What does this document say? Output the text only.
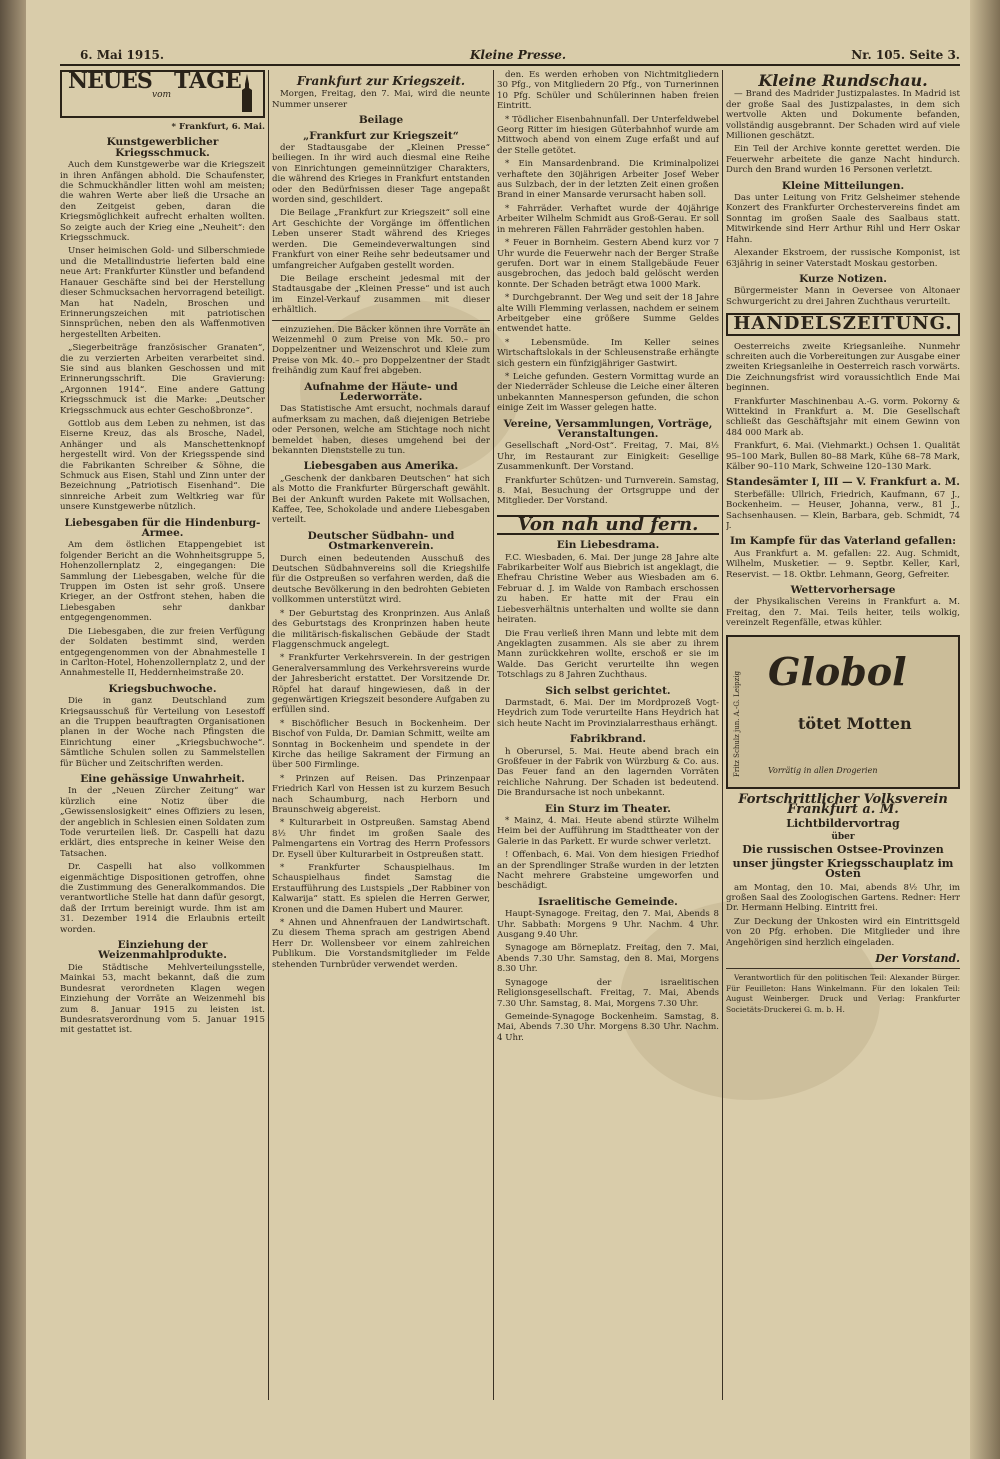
6. Mai 1915.	Kleine Presse.	Nr. 105. Seite 3.
NEUES
vom
TAGE

* Frankfurt, 6. Mai.

Kunstgewerblicher Kriegsschmuck.

Auch dem Kunstgewerbe war die Kriegszeit in ihren Anfängen abhold. Die Schaufenster, die Schmuckhändler litten wohl am meisten; die wahren Werte aber ließ die Ursache an den Zeitgeist geben, daran die Kriegsmöglichkeit aufrecht erhalten wollten. So zeigte auch der Krieg eine „Neuheit“: den Kriegsschmuck.

Unser heimischen Gold- und Silberschmiede und die Metallindustrie lieferten bald eine neue Art: Frankfurter Künstler und befandend Hanauer Geschäfte sind bei der Herstellung dieser Schmucksachen hervorragend beteiligt. Man hat Nadeln, Broschen und Erinnerungszeichen mit patriotischen Sinnsprüchen, neben den als Waffenmotiven hergestellten Arbeiten.

„Siegerbeiträge französischer Granaten“, die zu verzierten Arbeiten verarbeitet sind. Sie sind aus blanken Geschossen und mit Erinnerungsschrift. Die Gravierung: „Argonnen 1914“. Eine andere Gattung Kriegsschmuck ist die Marke: „Deutscher Kriegsschmuck aus echter Geschoßbronze“.

Gottlob aus dem Leben zu nehmen, ist das Eiserne Kreuz, das als Brosche, Nadel, Anhänger und als Manschettenknopf hergestellt wird. Von der Kriegsspende sind die Fabrikanten Schreiber & Söhne, die Schmuck aus Eisen, Stahl und Zinn unter der Bezeichnung „Patriotisch Eisenhand“. Die sinnreiche Arbeit zum Weltkrieg war für unsere Kunstgewerbe nützlich.

Liebesgaben für die Hindenburg-Armee.

Am dem östlichen Etappengebiet ist folgender Bericht an die Wohnheitsgruppe 5, Hohenzollernplatz 2, eingegangen: Die Sammlung der Liebesgaben, welche für die Truppen im Osten ist sehr groß. Unsere Krieger, an der Ostfront stehen, haben die Liebesgaben sehr dankbar entgegengenommen.

Die Liebesgaben, die zur freien Verfügung der Soldaten bestimmt sind, werden entgegengenommen von der Abnahmestelle I in Carlton-Hotel, Hohenzollernplatz 2, und der Annahmestelle II, Heddernheimstraße 20.

Kriegsbuchwoche.

Die in ganz Deutschland zum Kriegsausschuß für Verteilung von Lesestoff an die Truppen beauftragten Organisationen planen in der Woche nach Pfingsten die Einrichtung einer „Kriegsbuchwoche“. Sämtliche Schulen sollen zu Sammelstellen für Bücher und Zeitschriften werden.

Eine gehässige Unwahrheit.

In der „Neuen Zürcher Zeitung“ war kürzlich eine Notiz über die „Gewissenslosigkeit“ eines Offiziers zu lesen, der angeblich in Schlesien einen Soldaten zum Tode verurteilen ließ. Dr. Caspelli hat dazu erklärt, dies entspreche in keiner Weise den Tatsachen.

Dr. Caspelli hat also vollkommen eigenmächtige Dispositionen getroffen, ohne die Zustimmung des Generalkommandos. Die verantwortliche Stelle hat dann dafür gesorgt, daß der Irrtum bereinigt wurde. Ihm ist am 31. Dezember 1914 die Erlaubnis erteilt worden.

Einziehung der Weizenmahlprodukte.

Die Städtische Mehlverteilungsstelle, Mainkai 53, macht bekannt, daß die zum Bundesrat verordneten Klagen wegen Einziehung der Vorräte an Weizenmehl bis zum 8. Januar 1915 zu leisten ist. Bundesratsverordnung vom 5. Januar 1915 mit gestattet ist.

Frankfurt zur Kriegszeit.

Morgen, Freitag, den 7. Mai, wird die neunte Nummer unserer

Beilage
„Frankfurt zur Kriegszeit“

der Stadtausgabe der „Kleinen Presse“ beiliegen. In ihr wird auch diesmal eine Reihe von Einrichtungen gemeinnütziger Charakters, die während des Krieges in Frankfurt entstanden oder den Bedürfnissen dieser Tage angepaßt worden sind, geschildert.

Die Beilage „Frankfurt zur Kriegszeit“ soll eine Art Geschichte der Vorgänge im öffentlichen Leben unserer Stadt während des Krieges werden. Die Gemeindeverwaltungen sind Frankfurt von einer Reihe sehr bedeutsamer und umfangreicher Aufgaben gestellt worden.

Die Beilage erscheint jedesmal mit der Stadtausgabe der „Kleinen Presse“ und ist auch im Einzel-Verkauf zusammen mit dieser erhältlich.

einzuziehen. Die Bäcker können ihre Vorräte an Weizenmehl 0 zum Preise von Mk. 50.– pro Doppelzentner und Weizenschrot und Kleie zum Preise von Mk. 40.– pro Doppelzentner der Stadt freihändig zum Kauf frei abgeben.

Aufnahme der Häute- und Lederworräte.

Das Statistische Amt ersucht, nochmals darauf aufmerksam zu machen, daß diejenigen Betriebe oder Personen, welche am Stichtage noch nicht bemeldet haben, dieses umgehend bei der bekannten Dienststelle zu tun.

Liebesgaben aus Amerika.

„Geschenk der dankbaren Deutschen“ hat sich als Motto die Frankfurter Bürgerschaft gewählt. Bei der Ankunft wurden Pakete mit Wollsachen, Kaffee, Tee, Schokolade und andere Liebesgaben verteilt.

Deutscher Südbahn- und Ostmarkenverein.

Durch einen bedeutenden Ausschuß des Deutschen Südbahnvereins soll die Kriegshilfe für die Ostpreußen so verfahren werden, daß die deutsche Bevölkerung in den bedrohten Gebieten vollkommen unterstützt wird.

* Der Geburtstag des Kronprinzen. Aus Anlaß des Geburtstags des Kronprinzen haben heute die militärisch-fiskalischen Gebäude der Stadt Flaggenschmuck angelegt.

* Frankfurter Verkehrsverein. In der gestrigen Generalversammlung des Verkehrsvereins wurde der Jahresbericht erstattet. Der Vorsitzende Dr. Röpfel hat darauf hingewiesen, daß in der gegenwärtigen Kriegszeit besondere Aufgaben zu erfüllen sind.

* Bischöflicher Besuch in Bockenheim. Der Bischof von Fulda, Dr. Damian Schmitt, weilte am Sonntag in Bockenheim und spendete in der Kirche das heilige Sakrament der Firmung an über 500 Firmlinge.

* Prinzen auf Reisen. Das Prinzenpaar Friedrich Karl von Hessen ist zu kurzem Besuch nach Schaumburg, nach Herborn und Braunschweig abgereist.

* Kulturarbeit in Ostpreußen. Samstag Abend 8½ Uhr findet im großen Saale des Palmengartens ein Vortrag des Herrn Professors Dr. Eysell über Kulturarbeit in Ostpreußen statt.

* Frankfurter Schauspielhaus. Im Schauspielhaus findet Samstag die Erstaufführung des Lustspiels „Der Rabbiner von Kalwarija“ statt. Es spielen die Herren Gerwer, Kronen und die Damen Hubert und Maurer.

* Ahnen und Ahnenfrauen der Landwirtschaft. Zu diesem Thema sprach am gestrigen Abend Herr Dr. Wollensbeer vor einem zahlreichen Publikum. Die Vorstandsmitglieder im Felde stehenden Turnbrüder verwendet werden.

den. Es werden erhoben von Nichtmitgliedern 30 Pfg., von Mitgliedern 20 Pfg., von Turnerinnen 10 Pfg. Schüler und Schülerinnen haben freien Eintritt.

* Tödlicher Eisenbahnunfall. Der Unterfeldwebel Georg Ritter im hiesigen Güterbahnhof wurde am Mittwoch abend von einem Zuge erfaßt und auf der Stelle getötet.

* Ein Mansardenbrand. Die Kriminalpolizei verhaftete den 30jährigen Arbeiter Josef Weber aus Sulzbach, der in der letzten Zeit einen großen Brand in einer Mansarde verursacht haben soll.

* Fahrräder. Verhaftet wurde der 40jährige Arbeiter Wilhelm Schmidt aus Groß-Gerau. Er soll in mehreren Fällen Fahrräder gestohlen haben.

* Feuer in Bornheim. Gestern Abend kurz vor 7 Uhr wurde die Feuerwehr nach der Berger Straße gerufen. Dort war in einem Stallgebäude Feuer ausgebrochen, das jedoch bald gelöscht werden konnte. Der Schaden beträgt etwa 1000 Mark.

* Durchgebrannt. Der Weg und seit der 18 Jahre alte Willi Flemming verlassen, nachdem er seinem Arbeitgeber eine größere Summe Geldes entwendet hatte.

* Lebensmüde. Im Keller seines Wirtschaftslokals in der Schleusenstraße erhängte sich gestern ein fünfzigjähriger Gastwirt.

* Leiche gefunden. Gestern Vormittag wurde an der Niederräder Schleuse die Leiche einer älteren unbekannten Mannesperson gefunden, die schon einige Zeit im Wasser gelegen hatte.

Vereine, Versammlungen, Vorträge, Veranstaltungen.

Gesellschaft „Nord-Ost“. Freitag, 7. Mai, 8½ Uhr, im Restaurant zur Einigkeit: Gesellige Zusammenkunft. Der Vorstand.

Frankfurter Schützen- und Turnverein. Samstag, 8. Mai, Besuchung der Ortsgruppe und der Mitglieder. Der Vorstand.

Von nah und fern.
Ein Liebesdrama.

F.C. Wiesbaden, 6. Mai. Der junge 28 Jahre alte Fabrikarbeiter Wolf aus Biebrich ist angeklagt, die Ehefrau Christine Weber aus Wiesbaden am 6. Februar d. J. im Walde von Rambach erschossen zu haben. Er hatte mit der Frau ein Liebesverhältnis unterhalten und wollte sie dann heiraten.

Die Frau verließ ihren Mann und lebte mit dem Angeklagten zusammen. Als sie aber zu ihrem Mann zurückkehren wollte, erschoß er sie im Walde. Das Gericht verurteilte ihn wegen Totschlags zu 8 Jahren Zuchthaus.

Sich selbst gerichtet.

Darmstadt, 6. Mai. Der im Mordprozeß Vogt-Heydrich zum Tode verurteilte Hans Heydrich hat sich heute Nacht im Provinzialarresthaus erhängt.

Fabrikbrand.

h Oberursel, 5. Mai. Heute abend brach ein Großfeuer in der Fabrik von Würzburg & Co. aus. Das Feuer fand an den lagernden Vorräten reichliche Nahrung. Der Schaden ist bedeutend. Die Brandursache ist noch unbekannt.

Ein Sturz im Theater.

* Mainz, 4. Mai. Heute abend stürzte Wilhelm Heim bei der Aufführung im Stadttheater von der Galerie in das Parkett. Er wurde schwer verletzt.

! Offenbach, 6. Mai. Von dem hiesigen Friedhof an der Sprendlinger Straße wurden in der letzten Nacht mehrere Grabsteine umgeworfen und beschädigt.

Israelitische Gemeinde.

Haupt-Synagoge. Freitag, den 7. Mai, Abends 8 Uhr. Sabbath: Morgens 9 Uhr. Nachm. 4 Uhr. Ausgang 9.40 Uhr.

Synagoge am Börneplatz. Freitag, den 7. Mai, Abends 7.30 Uhr. Samstag, den 8. Mai, Morgens 8.30 Uhr.

Synagoge der israelitischen Religionsgesellschaft. Freitag, 7. Mai, Abends 7.30 Uhr. Samstag, 8. Mai, Morgens 7.30 Uhr.

Gemeinde-Synagoge Bockenheim. Samstag, 8. Mai, Abends 7.30 Uhr. Morgens 8.30 Uhr. Nachm. 4 Uhr.

Kleine Rundschau.

— Brand des Madrider Justizpalastes. In Madrid ist der große Saal des Justizpalastes, in dem sich wertvolle Akten und Dokumente befanden, vollständig ausgebrannt. Der Schaden wird auf viele Millionen geschätzt.

Ein Teil der Archive konnte gerettet werden. Die Feuerwehr arbeitete die ganze Nacht hindurch. Durch den Brand wurden 16 Personen verletzt.

Kleine Mitteilungen.

Das unter Leitung von Fritz Gelsheimer stehende Konzert des Frankfurter Orchestervereins findet am Sonntag im großen Saale des Saalbaus statt. Mitwirkende sind Herr Arthur Rihl und Herr Oskar Hahn.

Alexander Ekstroem, der russische Komponist, ist 63jährig in seiner Vaterstadt Moskau gestorben.

Kurze Notizen.

Bürgermeister Mann in Oeversee von Altonaer Schwurgericht zu drei Jahren Zuchthaus verurteilt.

HANDELSZEITUNG.

Oesterreichs zweite Kriegsanleihe. Nunmehr schreiten auch die Vorbereitungen zur Ausgabe einer zweiten Kriegsanleihe in Oesterreich rasch vorwärts. Die Zeichnungsfrist wird voraussichtlich Ende Mai beginnen.

Frankfurter Maschinenbau A.-G. vorm. Pokorny & Wittekind in Frankfurt a. M. Die Gesellschaft schließt das Geschäftsjahr mit einem Gewinn von 484 000 Mark ab.

Frankfurt, 6. Mai. (Viehmarkt.) Ochsen 1. Qualität 95–100 Mark, Bullen 80–88 Mark, Kühe 68–78 Mark, Kälber 90–110 Mark, Schweine 120–130 Mark.

Standesämter I, III — V. Frankfurt a. M.

Sterbefälle: Ullrich, Friedrich, Kaufmann, 67 J., Bockenheim. — Heuser, Johanna, verw., 81 J., Sachsenhausen. — Klein, Barbara, geb. Schmidt, 74 J.

Im Kampfe für das Vaterland gefallen:

Aus Frankfurt a. M. gefallen: 22. Aug. Schmidt, Wilhelm, Musketier. — 9. Septbr. Keller, Karl, Reservist. — 18. Oktbr. Lehmann, Georg, Gefreiter.

Wettervorhersage

der Physikalischen Vereins in Frankfurt a. M. Freitag, den 7. Mai. Teils heiter, teils wolkig, vereinzelt Regenfälle, etwas kühler.

Fritz Schulz jun. A.-G. Leipzig Globol
tötet Motten
Vorrätig in allen Drogerien
Fortschrittlicher Volksverein Frankfurt a. M.
Lichtbildervortrag
über
Die russischen Ostsee-Provinzen
unser jüngster Kriegsschauplatz im Osten

am Montag, den 10. Mai, abends 8½ Uhr, im großen Saal des Zoologischen Gartens. Redner: Herr Dr. Hermann Helbing. Eintritt frei.

Zur Deckung der Unkosten wird ein Eintrittsgeld von 20 Pfg. erhoben. Die Mitglieder und ihre Angehörigen sind herzlich eingeladen.

Der Vorstand.

Verantwortlich für den politischen Teil: Alexander Bürger. Für Feuilleton: Hans Winkelmann. Für den lokalen Teil: August Weinberger. Druck und Verlag: Frankfurter Societäts-Druckerei G. m. b. H.
